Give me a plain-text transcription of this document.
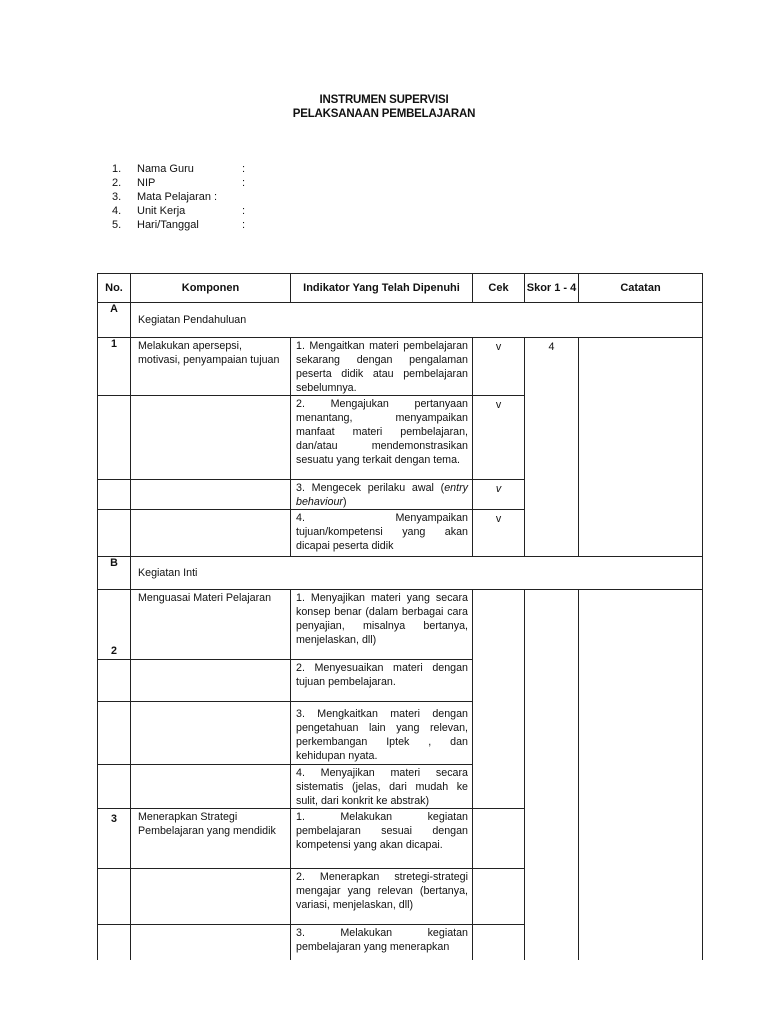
INSTRUMEN SUPERVISI
PELAKSANAAN PEMBELAJARAN
1. Nama Guru	:
2. NIP	:
3. Mata Pelajaran :
4. Unit Kerja	:
5. Hari/Tanggal	:
No.	Komponen	Indikator Yang Telah Dipenuhi	Cek	Skor 1 - 4	Catatan
A	Kegiatan Pendahuluan				
1	Melakukan apersepsi, motivasi, penyampaian tujuan	1. Mengaitkan materi pembelajaran sekarang dengan pengalaman peserta didik atau pembelajaran sebelumnya.	v	4	
		2. Mengajukan pertanyaan menantang, menyampaikan manfaat materi pembelajaran, dan/atau mendemonstrasikan sesuatu yang terkait dengan tema.	v		
		3. Mengecek perilaku awal (entry behaviour)	v		
		4. Menyampaikan tujuan/kompetensi yang akan dicapai peserta didik	v		
B	Kegiatan Inti				
2	Menguasai Materi Pelajaran	1. Menyajikan materi yang secara konsep benar (dalam berbagai cara penyajian, misalnya bertanya, menjelaskan, dll)			
		2. Menyesuaikan materi dengan tujuan pembelajaran.			
		3. Mengkaitkan materi dengan pengetahuan lain yang relevan, perkembangan Iptek , dan kehidupan nyata.			
		4. Menyajikan materi secara sistematis (jelas, dari mudah ke sulit, dari konkrit ke abstrak)			
3	Menerapkan Strategi Pembelajaran yang mendidik	1. Melakukan kegiatan pembelajaran sesuai dengan kompetensi yang akan dicapai.			
		2. Menerapkan stretegi-strategi mengajar yang relevan (bertanya, variasi, menjelaskan, dll)			
		3. Melakukan kegiatan pembelajaran yang menerapkan			
